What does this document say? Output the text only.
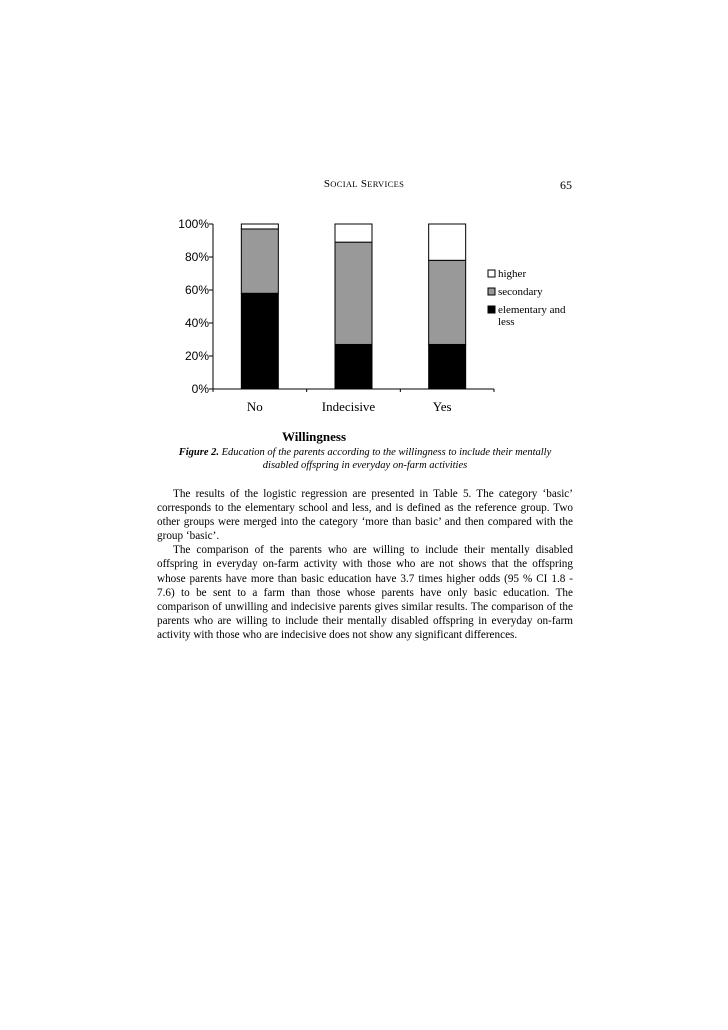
SOCIAL SERVICES	65
0%
20%
40%
60%
80%
100%
No	Indecisive	Yes
Willingness
higher
secondary
elementary and
less
Figure 2. Education of the parents according to the willingness to include their mentally disabled offspring in everyday on-farm activities

The results of the logistic regression are presented in Table 5. The category ‘basic’ corresponds to the elementary school and less, and is defined as the reference group. Two other groups were merged into the category ‘more than basic’ and then compared with the group ‘basic’.

The comparison of the parents who are willing to include their mentally disabled offspring in everyday on-farm activity with those who are not shows that the offspring whose parents have more than basic education have 3.7 times higher odds (95 % CI 1.8 - 7.6) to be sent to a farm than those whose parents have only basic education. The comparison of unwilling and indecisive parents gives similar results. The comparison of the parents who are willing to include their mentally disabled offspring in everyday on-farm activity with those who are indecisive does not show any significant differences.
